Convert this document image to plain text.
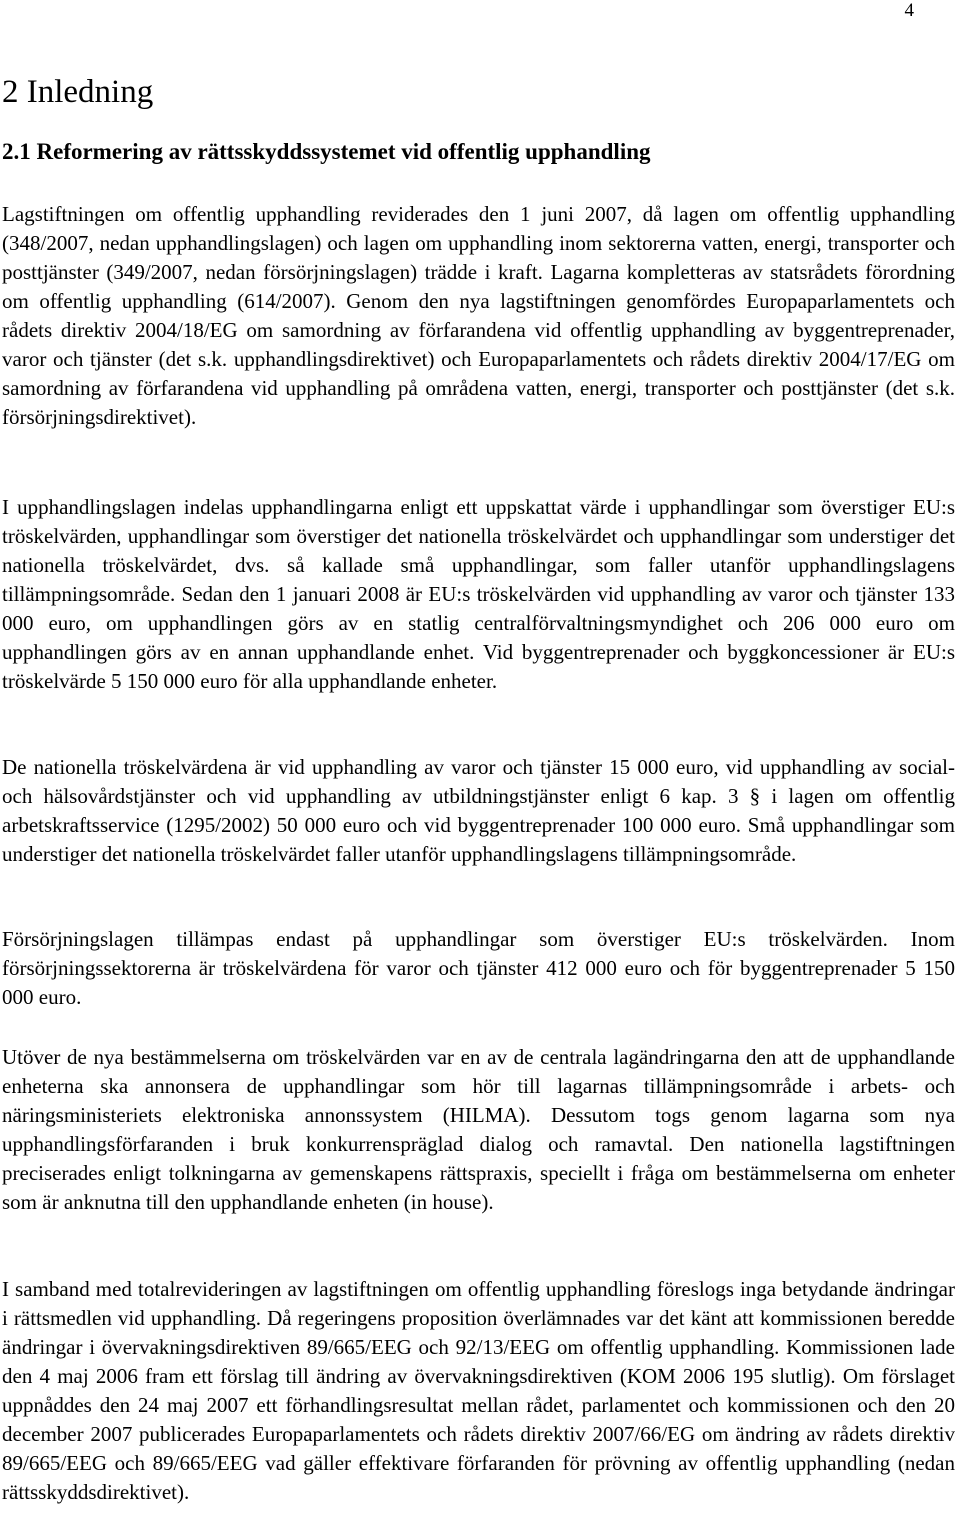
4
2 Inledning
2.1 Reformering av rättsskyddssystemet vid offentlig upphandling

Lagstiftningen om offentlig upphandling reviderades den 1 juni 2007, då lagen om offentlig upphandling (348/2007, nedan upphandlingslagen) och lagen om upphandling inom sektorerna vatten, energi, transporter och posttjänster (349/2007, nedan försörjningslagen) trädde i kraft. Lagarna kompletteras av statsrådets förordning om offentlig upphandling (614/2007). Genom den nya lagstiftningen genomfördes Europaparlamentets och rådets direktiv 2004/18/EG om samordning av förfarandena vid offentlig upphandling av byggentreprenader, varor och tjänster (det s.k. upphandlingsdirektivet) och Europaparlamentets och rådets direktiv 2004/17/EG om samordning av förfarandena vid upphandling på områdena vatten, energi, transporter och posttjänster (det s.k. försörjningsdirektivet).

I upphandlingslagen indelas upphandlingarna enligt ett uppskattat värde i upphandlingar som överstiger EU:s tröskelvärden, upphandlingar som överstiger det nationella tröskelvärdet och upphandlingar som understiger det nationella tröskelvärdet, dvs. så kallade små upphandlingar, som faller utanför upphandlingslagens tillämpningsområde. Sedan den 1 januari 2008 är EU:s tröskelvärden vid upphandling av varor och tjänster 133 000 euro, om upphandlingen görs av en statlig centralförvaltningsmyndighet och 206 000 euro om upphandlingen görs av en annan upphandlande enhet. Vid byggentreprenader och byggkoncessioner är EU:s tröskelvärde 5 150 000 euro för alla upphandlande enheter.

De nationella tröskelvärdena är vid upphandling av varor och tjänster 15 000 euro, vid upphandling av social- och hälsovårdstjänster och vid upphandling av utbildningstjänster enligt 6 kap. 3 § i lagen om offentlig arbetskraftsservice (1295/2002) 50 000 euro och vid byggentreprenader 100 000 euro. Små upphandlingar som understiger det nationella tröskelvärdet faller utanför upphandlingslagens tillämpningsområde.

Försörjningslagen tillämpas endast på upphandlingar som överstiger EU:s tröskelvärden. Inom försörjningssektorerna är tröskelvärdena för varor och tjänster 412 000 euro och för byggentreprenader 5 150 000 euro.

Utöver de nya bestämmelserna om tröskelvärden var en av de centrala lagändringarna den att de upphandlande enheterna ska annonsera de upphandlingar som hör till lagarnas tillämpningsområde i arbets- och näringsministeriets elektroniska annonssystem (HILMA). Dessutom togs genom lagarna som nya upphandlingsförfaranden i bruk konkurrenspräglad dialog och ramavtal. Den nationella lagstiftningen preciserades enligt tolkningarna av gemenskapens rättspraxis, speciellt i fråga om bestämmelserna om enheter som är anknutna till den upphandlande enheten (in house).

I samband med totalrevideringen av lagstiftningen om offentlig upphandling föreslogs inga betydande ändringar i rättsmedlen vid upphandling. Då regeringens proposition överlämnades var det känt att kommissionen beredde ändringar i övervakningsdirektiven 89/665/EEG och 92/13/EEG om offentlig upphandling. Kommissionen lade den 4 maj 2006 fram ett förslag till ändring av övervakningsdirektiven (KOM 2006 195 slutlig). Om förslaget uppnåddes den 24 maj 2007 ett förhandlingsresultat mellan rådet, parlamentet och kommissionen och den 20 december 2007 publicerades Europaparlamentets och rådets direktiv 2007/66/EG om ändring av rådets direktiv 89/665/EEG och 89/665/EEG vad gäller effektivare förfaranden för prövning av offentlig upphandling (nedan rättsskyddsdirektivet).
